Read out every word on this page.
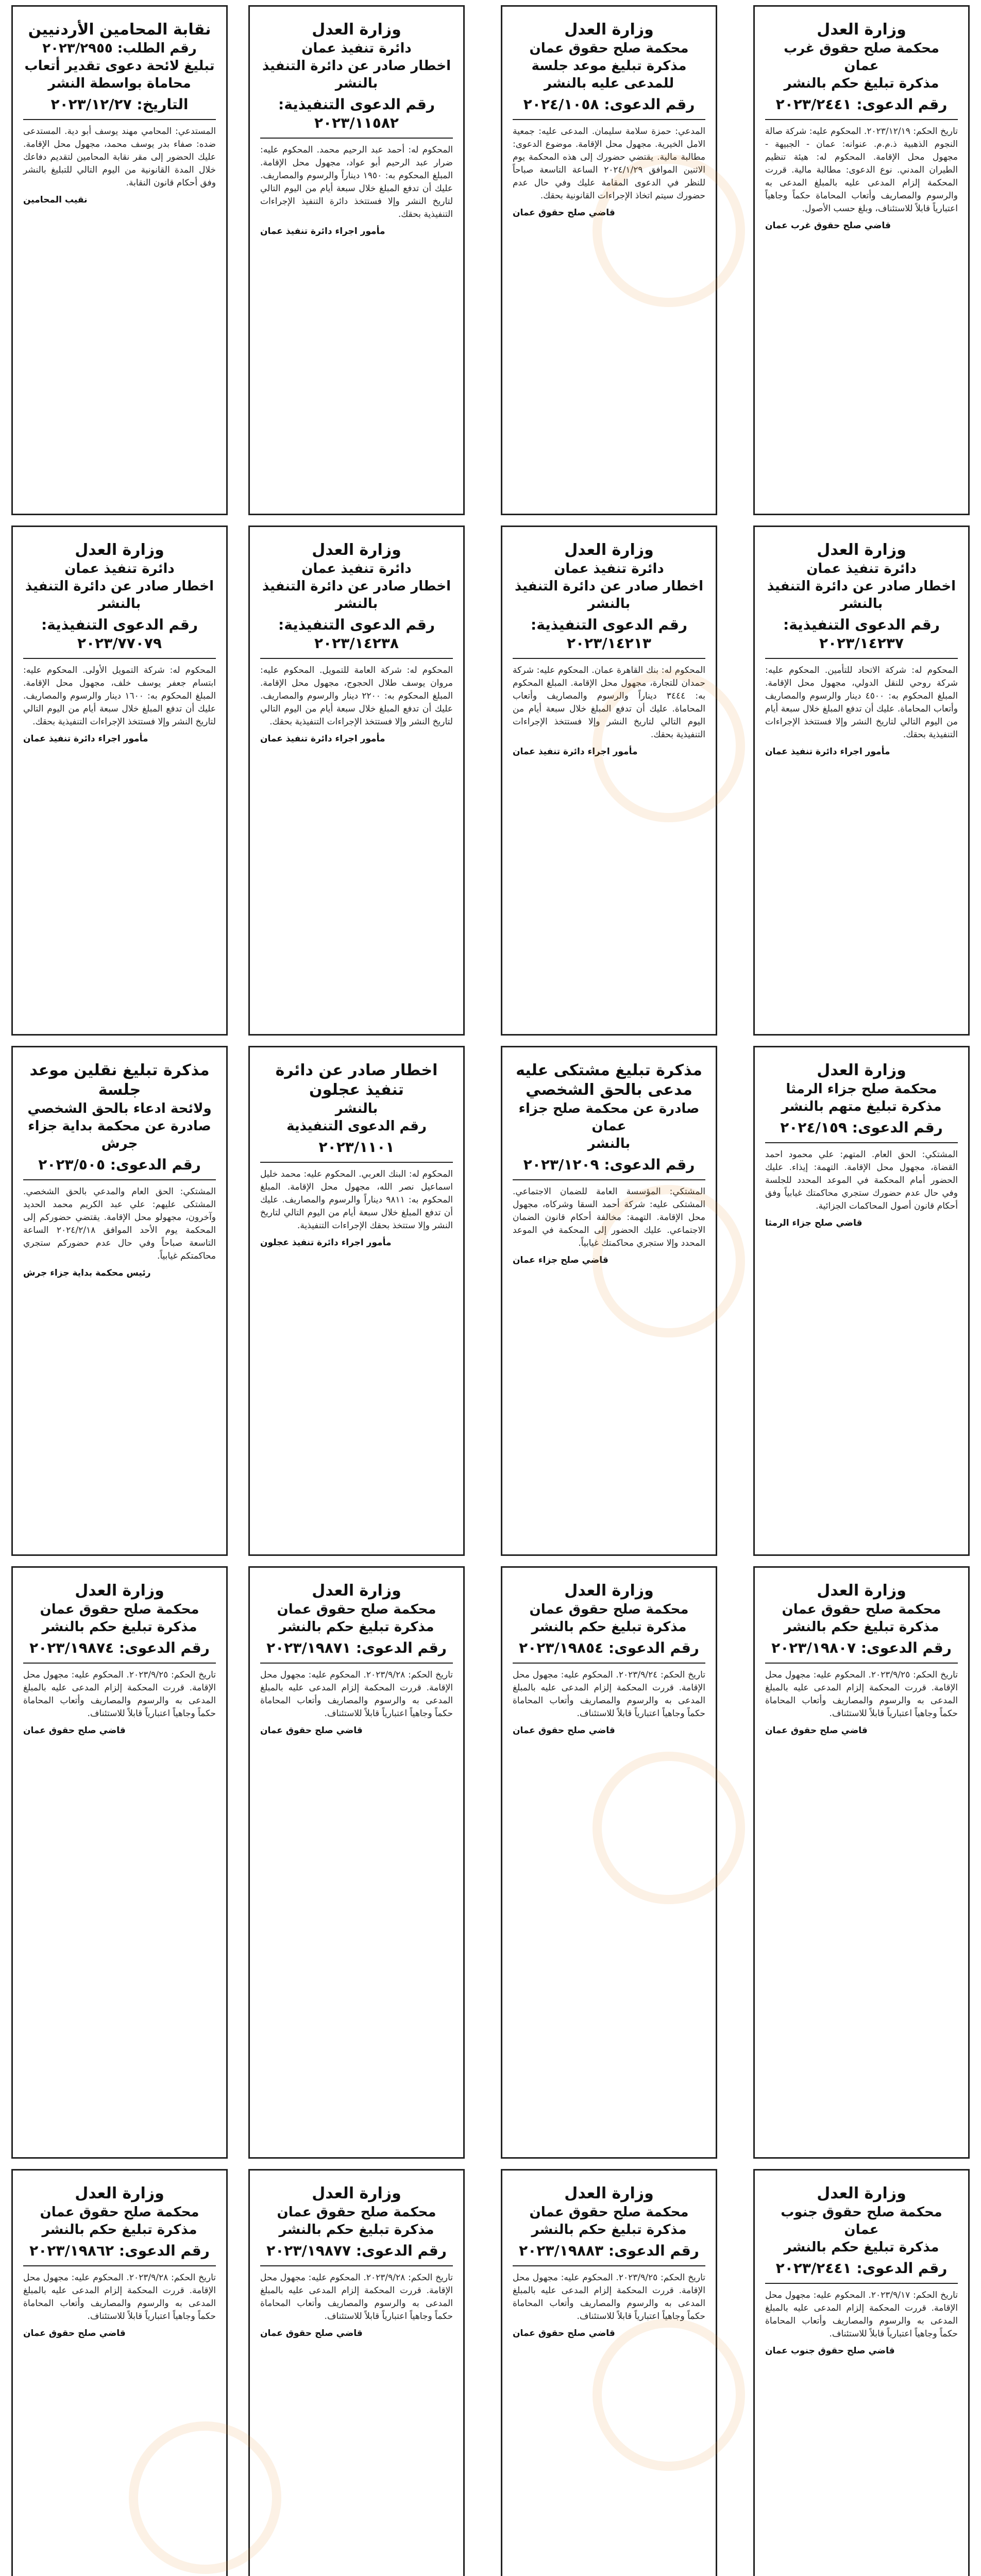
وزارة العدل
محكمة صلح حقوق غرب عمان
مذكرة تبليغ حكم بالنشر
رقم الدعوى: ٢٠٢٣/٢٤٤١
تاريخ الحكم: ٢٠٢٣/١٢/١٩. المحكوم عليه: شركة صالة النجوم الذهبية ذ.م.م. عنوانه: عمان - الجبيهة - مجهول محل الإقامة. المحكوم له: هيئة تنظيم الطيران المدني. نوع الدعوى: مطالبة مالية. قررت المحكمة إلزام المدعى عليه بالمبلغ المدعى به والرسوم والمصاريف وأتعاب المحاماة حكماً وجاهياً اعتبارياً قابلاً للاستئناف، وبلغ حسب الأصول.
قاضي صلح حقوق غرب عمان
وزارة العدل
محكمة صلح حقوق عمان
مذكرة تبليغ موعد جلسة للمدعى عليه بالنشر
رقم الدعوى: ٢٠٢٤/١٠٥٨
المدعي: حمزة سلامة سليمان. المدعى عليه: جمعية الامل الخيرية. مجهول محل الإقامة. موضوع الدعوى: مطالبة مالية. يقتضي حضورك إلى هذه المحكمة يوم الاثنين الموافق ٢٠٢٤/١/٢٩ الساعة التاسعة صباحاً للنظر في الدعوى المقامة عليك وفي حال عدم حضورك سيتم اتخاذ الإجراءات القانونية بحقك.
قاضي صلح حقوق عمان
وزارة العدل
دائرة تنفيذ عمان
اخطار صادر عن دائرة التنفيذ بالنشر
رقم الدعوى التنفيذية: ٢٠٢٣/١١٥٨٢
المحكوم له: أحمد عبد الرحيم محمد. المحكوم عليه: ضرار عبد الرحيم أبو عواد، مجهول محل الإقامة. المبلغ المحكوم به: ١٩٥٠ ديناراً والرسوم والمصاريف. عليك أن تدفع المبلغ خلال سبعة أيام من اليوم التالي لتاريخ النشر وإلا فستتخذ دائرة التنفيذ الإجراءات التنفيذية بحقك.
مأمور اجراء دائرة تنفيذ عمان
نقابة المحامين الأردنيين
رقم الطلب: ٢٠٢٣/٢٩٥٥
تبليغ لائحة دعوى تقدير أتعاب محاماة بواسطة النشر
التاريخ: ٢٠٢٣/١٢/٢٧
المستدعي: المحامي مهند يوسف أبو دية. المستدعى ضده: صفاء بدر يوسف محمد، مجهول محل الإقامة. عليك الحضور إلى مقر نقابة المحامين لتقديم دفاعك خلال المدة القانونية من اليوم التالي للتبليغ بالنشر وفق أحكام قانون النقابة.
نقيب المحامين
وزارة العدل
دائرة تنفيذ عمان
اخطار صادر عن دائرة التنفيذ بالنشر
رقم الدعوى التنفيذية: ٢٠٢٣/١٤٢٣٧
المحكوم له: شركة الاتحاد للتأمين. المحكوم عليه: شركة روحي للنقل الدولي، مجهول محل الإقامة. المبلغ المحكوم به: ٤٥٠٠ دينار والرسوم والمصاريف وأتعاب المحاماة. عليك أن تدفع المبلغ خلال سبعة أيام من اليوم التالي لتاريخ النشر وإلا فستتخذ الإجراءات التنفيذية بحقك.
مأمور اجراء دائرة تنفيذ عمان
وزارة العدل
دائرة تنفيذ عمان
اخطار صادر عن دائرة التنفيذ بالنشر
رقم الدعوى التنفيذية: ٢٠٢٣/١٤٢١٣
المحكوم له: بنك القاهرة عمان. المحكوم عليه: شركة حمدان للتجارة، مجهول محل الإقامة. المبلغ المحكوم به: ٣٤٤٤ ديناراً والرسوم والمصاريف وأتعاب المحاماة. عليك أن تدفع المبلغ خلال سبعة أيام من اليوم التالي لتاريخ النشر وإلا فستتخذ الإجراءات التنفيذية بحقك.
مأمور اجراء دائرة تنفيذ عمان
وزارة العدل
دائرة تنفيذ عمان
اخطار صادر عن دائرة التنفيذ بالنشر
رقم الدعوى التنفيذية: ٢٠٢٣/١٤٢٣٨
المحكوم له: شركة العامة للتمويل. المحكوم عليه: مروان يوسف طلال الحجوج، مجهول محل الإقامة. المبلغ المحكوم به: ٢٢٠٠ دينار والرسوم والمصاريف. عليك أن تدفع المبلغ خلال سبعة أيام من اليوم التالي لتاريخ النشر وإلا فستتخذ الإجراءات التنفيذية بحقك.
مأمور اجراء دائرة تنفيذ عمان
وزارة العدل
دائرة تنفيذ عمان
اخطار صادر عن دائرة التنفيذ بالنشر
رقم الدعوى التنفيذية: ٢٠٢٣/٧٧٠٧٩
المحكوم له: شركة التمويل الأولى. المحكوم عليه: ابتسام جعفر يوسف خلف، مجهول محل الإقامة. المبلغ المحكوم به: ١٦٠٠ دينار والرسوم والمصاريف. عليك أن تدفع المبلغ خلال سبعة أيام من اليوم التالي لتاريخ النشر وإلا فستتخذ الإجراءات التنفيذية بحقك.
مأمور اجراء دائرة تنفيذ عمان
وزارة العدل
محكمة صلح جزاء الرمثا
مذكرة تبليغ متهم بالنشر
رقم الدعوى: ٢٠٢٤/١٥٩
المشتكي: الحق العام. المتهم: علي محمود احمد القضاة، مجهول محل الإقامة. التهمة: إيذاء. عليك الحضور أمام المحكمة في الموعد المحدد للجلسة وفي حال عدم حضورك ستجري محاكمتك غيابياً وفق أحكام قانون أصول المحاكمات الجزائية.
قاضي صلح جزاء الرمثا
مذكرة تبليغ مشتكى عليه مدعى بالحق الشخصي
صادرة عن محكمة صلح جزاء عمان
بالنشر
رقم الدعوى: ٢٠٢٣/١٢٠٩
المشتكي: المؤسسة العامة للضمان الاجتماعي. المشتكى عليه: شركة أحمد السقا وشركاه، مجهول محل الإقامة. التهمة: مخالفة أحكام قانون الضمان الاجتماعي. عليك الحضور إلى المحكمة في الموعد المحدد وإلا ستجري محاكمتك غيابياً.
قاضي صلح جزاء عمان
اخطار صادر عن دائرة تنفيذ عجلون
بالنشر
رقم الدعوى التنفيذية
٢٠٢٣/١١٠١
المحكوم له: البنك العربي. المحكوم عليه: محمد خليل اسماعيل نصر الله، مجهول محل الإقامة. المبلغ المحكوم به: ٩٨١١ ديناراً والرسوم والمصاريف. عليك أن تدفع المبلغ خلال سبعة أيام من اليوم التالي لتاريخ النشر وإلا ستتخذ بحقك الإجراءات التنفيذية.
مأمور اجراء دائرة تنفيذ عجلون
مذكرة تبليغ نقلين موعد جلسة
ولائحة ادعاء بالحق الشخصي
صادرة عن محكمة بداية جزاء جرش
رقم الدعوى: ٢٠٢٣/٥٠٥
المشتكي: الحق العام والمدعي بالحق الشخصي. المشتكى عليهم: علي عبد الكريم محمد الحديد وآخرون، مجهولو محل الإقامة. يقتضي حضوركم إلى المحكمة يوم الأحد الموافق ٢٠٢٤/٢/١٨ الساعة التاسعة صباحاً وفي حال عدم حضوركم ستجري محاكمتكم غيابياً.
رئيس محكمة بداية جزاء جرش
وزارة العدل
محكمة صلح حقوق عمان
مذكرة تبليغ حكم بالنشر
رقم الدعوى: ٢٠٢٣/١٩٨٠٧
تاريخ الحكم: ٢٠٢٣/٩/٢٥. المحكوم عليه: مجهول محل الإقامة. قررت المحكمة إلزام المدعى عليه بالمبلغ المدعى به والرسوم والمصاريف وأتعاب المحاماة حكماً وجاهياً اعتبارياً قابلاً للاستئناف.
قاضي صلح حقوق عمان
وزارة العدل
محكمة صلح حقوق عمان
مذكرة تبليغ حكم بالنشر
رقم الدعوى: ٢٠٢٣/١٩٨٥٤
تاريخ الحكم: ٢٠٢٣/٩/٢٤. المحكوم عليه: مجهول محل الإقامة. قررت المحكمة إلزام المدعى عليه بالمبلغ المدعى به والرسوم والمصاريف وأتعاب المحاماة حكماً وجاهياً اعتبارياً قابلاً للاستئناف.
قاضي صلح حقوق عمان
وزارة العدل
محكمة صلح حقوق عمان
مذكرة تبليغ حكم بالنشر
رقم الدعوى: ٢٠٢٣/١٩٨٧١
تاريخ الحكم: ٢٠٢٣/٩/٢٨. المحكوم عليه: مجهول محل الإقامة. قررت المحكمة إلزام المدعى عليه بالمبلغ المدعى به والرسوم والمصاريف وأتعاب المحاماة حكماً وجاهياً اعتبارياً قابلاً للاستئناف.
قاضي صلح حقوق عمان
وزارة العدل
محكمة صلح حقوق عمان
مذكرة تبليغ حكم بالنشر
رقم الدعوى: ٢٠٢٣/١٩٨٧٤
تاريخ الحكم: ٢٠٢٣/٩/٢٥. المحكوم عليه: مجهول محل الإقامة. قررت المحكمة إلزام المدعى عليه بالمبلغ المدعى به والرسوم والمصاريف وأتعاب المحاماة حكماً وجاهياً اعتبارياً قابلاً للاستئناف.
قاضي صلح حقوق عمان
وزارة العدل
محكمة صلح حقوق جنوب عمان
مذكرة تبليغ حكم بالنشر
رقم الدعوى: ٢٠٢٣/٢٤٤١
تاريخ الحكم: ٢٠٢٣/٩/١٧. المحكوم عليه: مجهول محل الإقامة. قررت المحكمة إلزام المدعى عليه بالمبلغ المدعى به والرسوم والمصاريف وأتعاب المحاماة حكماً وجاهياً اعتبارياً قابلاً للاستئناف.
قاضي صلح حقوق جنوب عمان
وزارة العدل
محكمة صلح حقوق عمان
مذكرة تبليغ حكم بالنشر
رقم الدعوى: ٢٠٢٣/١٩٨٨٣
تاريخ الحكم: ٢٠٢٣/٩/٢٥. المحكوم عليه: مجهول محل الإقامة. قررت المحكمة إلزام المدعى عليه بالمبلغ المدعى به والرسوم والمصاريف وأتعاب المحاماة حكماً وجاهياً اعتبارياً قابلاً للاستئناف.
قاضي صلح حقوق عمان
وزارة العدل
محكمة صلح حقوق عمان
مذكرة تبليغ حكم بالنشر
رقم الدعوى: ٢٠٢٣/١٩٨٧٧
تاريخ الحكم: ٢٠٢٣/٩/٢٨. المحكوم عليه: مجهول محل الإقامة. قررت المحكمة إلزام المدعى عليه بالمبلغ المدعى به والرسوم والمصاريف وأتعاب المحاماة حكماً وجاهياً اعتبارياً قابلاً للاستئناف.
قاضي صلح حقوق عمان
وزارة العدل
محكمة صلح حقوق عمان
مذكرة تبليغ حكم بالنشر
رقم الدعوى: ٢٠٢٣/١٩٨٦٢
تاريخ الحكم: ٢٠٢٣/٩/٢٨. المحكوم عليه: مجهول محل الإقامة. قررت المحكمة إلزام المدعى عليه بالمبلغ المدعى به والرسوم والمصاريف وأتعاب المحاماة حكماً وجاهياً اعتبارياً قابلاً للاستئناف.
قاضي صلح حقوق عمان
